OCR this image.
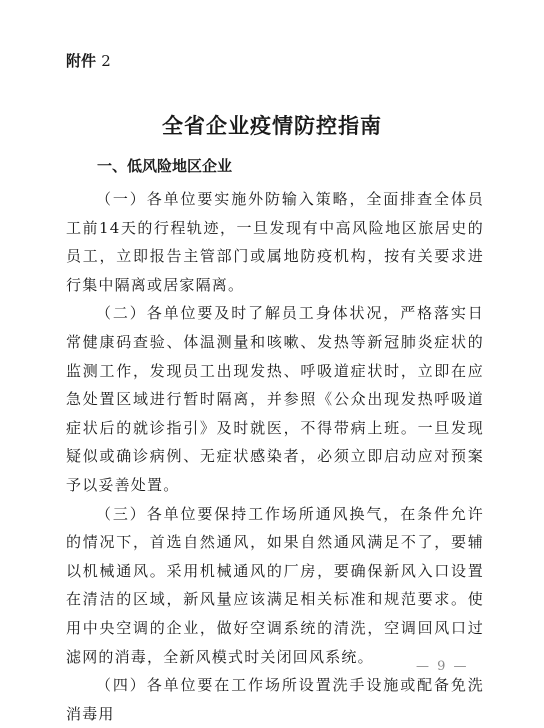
附件 2
全省企业疫情防控指南
一、低风险地区企业

（一）各单位要实施外防输入策略，全面排查全体员工前14天的行程轨迹，一旦发现有中高风险地区旅居史的员工，立即报告主管部门或属地防疫机构，按有关要求进行集中隔离或居家隔离。

（二）各单位要及时了解员工身体状况，严格落实日常健康码查验、体温测量和咳嗽、发热等新冠肺炎症状的监测工作，发现员工出现发热、呼吸道症状时，立即在应急处置区域进行暂时隔离，并参照《公众出现发热呼吸道症状后的就诊指引》及时就医，不得带病上班。一旦发现疑似或确诊病例、无症状感染者，必须立即启动应对预案予以妥善处置。

（三）各单位要保持工作场所通风换气，在条件允许的情况下，首选自然通风，如果自然通风满足不了，要辅以机械通风。采用机械通风的厂房，要确保新风入口设置在清洁的区域，新风量应该满足相关标准和规范要求。使用中央空调的企业，做好空调系统的清洗，空调回风口过滤网的消毒，全新风模式时关闭回风系统。

（四）各单位要在工作场所设置洗手设施或配备免洗消毒用

— 9 —
